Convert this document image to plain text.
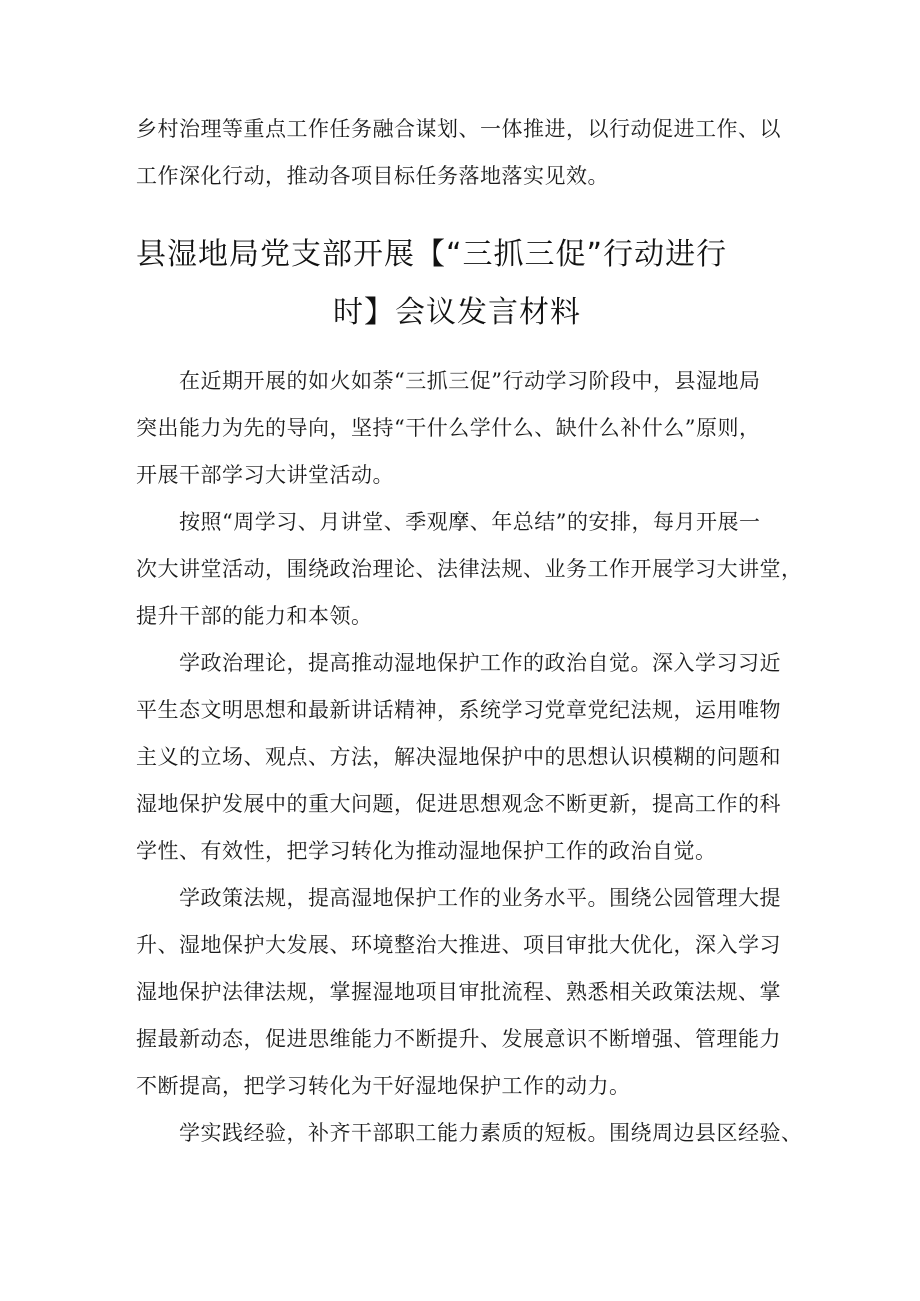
乡村治理等重点工作任务融合谋划、一体推进，以行动促进工作、以
工作深化行动，推动各项目标任务落地落实见效。
县湿地局党支部开展【“三抓三促”行动进行
时】会议发言材料
　　在近期开展的如火如荼“三抓三促”行动学习阶段中，县湿地局
突出能力为先的导向，坚持“干什么学什么、缺什么补什么”原则，
开展干部学习大讲堂活动。
　　按照“周学习、月讲堂、季观摩、年总结”的安排，每月开展一
次大讲堂活动，围绕政治理论、法律法规、业务工作开展学习大讲堂，
提升干部的能力和本领。
　　学政治理论，提高推动湿地保护工作的政治自觉。深入学习习近
平生态文明思想和最新讲话精神，系统学习党章党纪法规，运用唯物
主义的立场、观点、方法，解决湿地保护中的思想认识模糊的问题和
湿地保护发展中的重大问题，促进思想观念不断更新，提高工作的科
学性、有效性，把学习转化为推动湿地保护工作的政治自觉。
　　学政策法规，提高湿地保护工作的业务水平。围绕公园管理大提
升、湿地保护大发展、环境整治大推进、项目审批大优化，深入学习
湿地保护法律法规，掌握湿地项目审批流程、熟悉相关政策法规、掌
握最新动态，促进思维能力不断提升、发展意识不断增强、管理能力
不断提高，把学习转化为干好湿地保护工作的动力。
　　学实践经验，补齐干部职工能力素质的短板。围绕周边县区经验、
